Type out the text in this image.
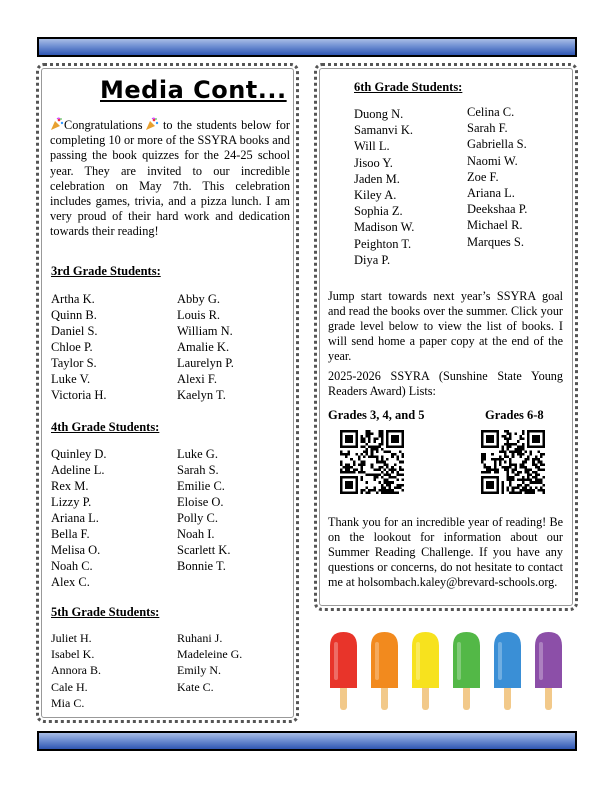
Media Cont...
Congratulations to the students below for completing 10 or more of the SSYRA books and passing the book quizzes for the 24-25 school year. They are invited to our incredible celebration on May 7th. This celebration includes games, trivia, and a pizza lunch. I am very proud of their hard work and dedication towards their reading!
3rd Grade Students:
Artha K.
Quinn B.
Daniel S.
Chloe P.
Taylor S.
Luke V.
Victoria H.
Abby G.
Louis R.
William N.
Amalie K.
Laurelyn P.
Alexi F.
Kaelyn T.
4th Grade Students:
Quinley D.
Adeline L.
Rex M.
Lizzy P.
Ariana L.
Bella F.
Melisa O.
Noah C.
Alex C.
Luke G.
Sarah S.
Emilie C.
Eloise O.
Polly C.
Noah I.
Scarlett K.
Bonnie T.
5th Grade Students:
Juliet H.
Isabel K.
Annora B.
Cale H.
Mia C.
Ruhani J.
Madeleine G.
Emily N.
Kate C.
6th Grade Students:
Duong N.
Samanvi K.
Will L.
Jisoo Y.
Jaden M.
Kiley A.
Sophia Z.
Madison W.
Peighton T.
Diya P.
Celina C.
Sarah F.
Gabriella S.
Naomi W.
Zoe F.
Ariana L.
Deekshaa P.
Michael R.
Marques S.
Jump start towards next year’s SSYRA goal and read the books over the summer. Click your grade level below to view the list of books. I will send home a paper copy at the end of the year.
2025-2026 SSYRA (Sunshine State Young Readers Award) Lists:
Grades 3, 4, and 5	Grades 6-8
Thank you for an incredible year of reading! Be on the lookout for information about our Summer Reading Challenge. If you have any questions or concerns, do not hesitate to contact me at holsombach.kaley@brevard-schools.org.
